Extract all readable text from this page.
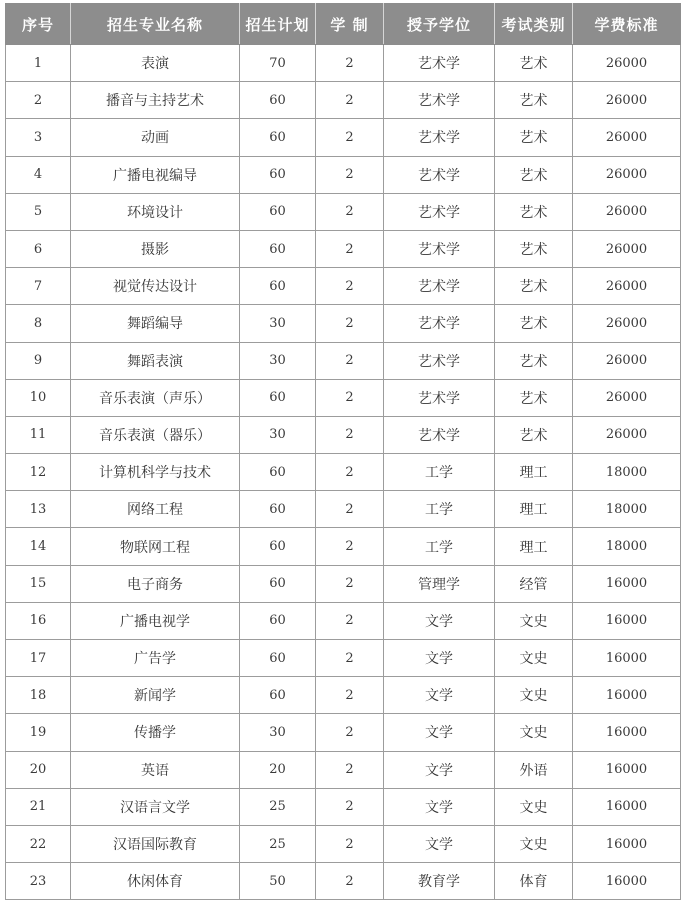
序号	招生专业名称	招生计划	学 制	授予学位	考试类别	学费标准
1	表演	70	2	艺术学	艺术	26000
2	播音与主持艺术	60	2	艺术学	艺术	26000
3	动画	60	2	艺术学	艺术	26000
4	广播电视编导	60	2	艺术学	艺术	26000
5	环境设计	60	2	艺术学	艺术	26000
6	摄影	60	2	艺术学	艺术	26000
7	视觉传达设计	60	2	艺术学	艺术	26000
8	舞蹈编导	30	2	艺术学	艺术	26000
9	舞蹈表演	30	2	艺术学	艺术	26000
10	音乐表演（声乐）	60	2	艺术学	艺术	26000
11	音乐表演（器乐）	30	2	艺术学	艺术	26000
12	计算机科学与技术	60	2	工学	理工	18000
13	网络工程	60	2	工学	理工	18000
14	物联网工程	60	2	工学	理工	18000
15	电子商务	60	2	管理学	经管	16000
16	广播电视学	60	2	文学	文史	16000
17	广告学	60	2	文学	文史	16000
18	新闻学	60	2	文学	文史	16000
19	传播学	30	2	文学	文史	16000
20	英语	20	2	文学	外语	16000
21	汉语言文学	25	2	文学	文史	16000
22	汉语国际教育	25	2	文学	文史	16000
23	休闲体育	50	2	教育学	体育	16000
